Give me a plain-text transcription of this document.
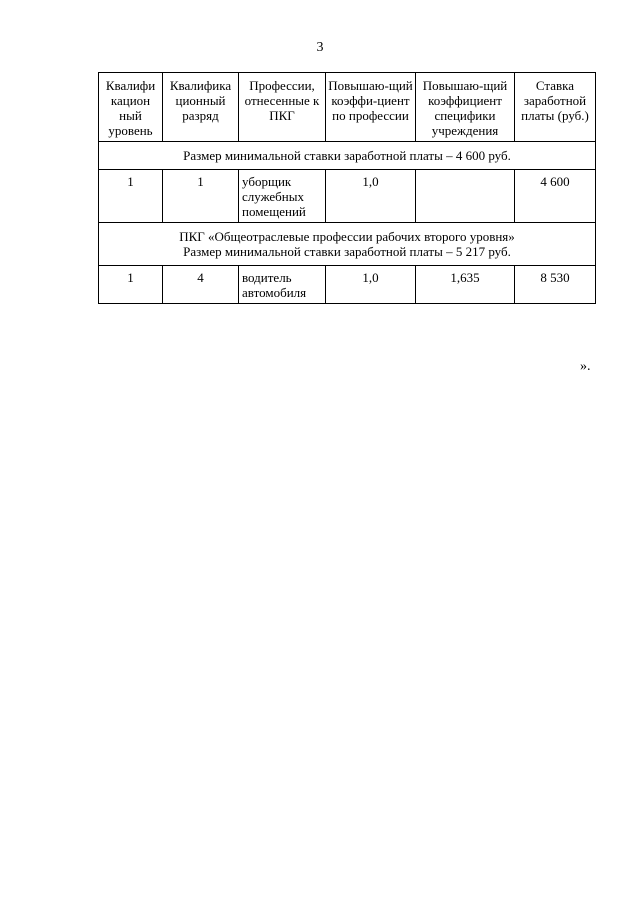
3
Квалифи кацион ный уровень	Квалифика ционный разряд	Профессии, отнесенные к ПКГ	Повышаю-щий коэффи-циент по профессии	Повышаю-щий коэффициент специфики учреждения	Ставка заработной платы (руб.)

Размер минимальной ставки заработной платы – 4 600 руб.					

1	1	уборщик служебных помещений	1,0		4 600

ПКГ «Общеотраслевые профессии рабочих второго уровня»
Размер минимальной ставки заработной платы – 5 217 руб.					

1	4	водитель автомобиля	1,0	1,635	8 530
».
